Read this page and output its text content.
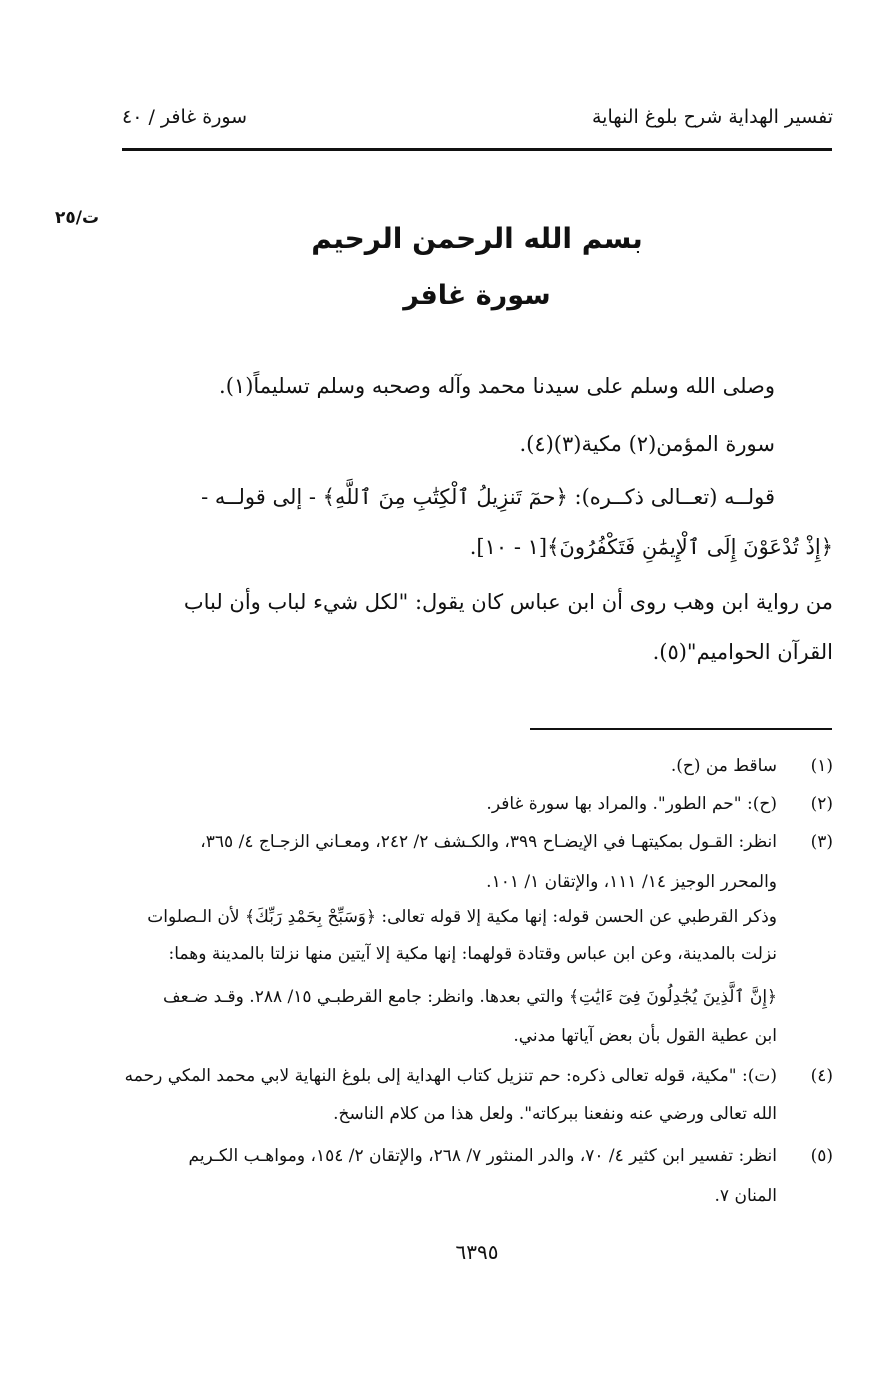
تفسير الهداية شرح بلوغ النهاية
سورة غافر / ٤٠
ت/٢٥
بسم الله الرحمن الرحيم
سورة غافر
وصلى الله وسلم على سيدنا محمد وآله وصحبه وسلم تسليماً(١).
سورة المؤمن(٢) مكية(٣)(٤).
قولــه (تعــالى ذكــره): ﴿حمٓ تَنزِيلُ ٱلْكِتَٰبِ مِنَ ٱللَّهِ﴾ - إلى قولــه -
﴿إِذْ تُدْعَوْنَ إِلَى ٱلْإِيمَٰنِ فَتَكْفُرُونَ﴾[١ - ١٠].
من رواية ابن وهب روى أن ابن عباس كان يقول: "لكل شيء لباب وأن لباب
القرآن الحواميم"(٥).
(١)
ساقط من (ح).
(٢)
(ح): "حم الطور". والمراد بها سورة غافر.
(٣)
انظر: القـول بمكيتهـا في الإيضـاح ٣٩٩، والكـشف ٢/ ٢٤٢، ومعـاني الزجـاج ٤/ ٣٦٥،
والمحرر الوجيز ١٤/ ١١١، والإتقان ١/ ١٠١.
وذكر القرطبي عن الحسن قوله: إنها مكية إلا قوله تعالى: ﴿وَسَبِّحْ بِحَمْدِ رَبِّكَ﴾ لأن الـصلوات
نزلت بالمدينة، وعن ابن عباس وقتادة قولهما: إنها مكية إلا آيتين منها نزلتا بالمدينة وهما:
﴿إِنَّ ٱلَّذِينَ يُجَٰدِلُونَ فِىٓ ءَايَٰتِ﴾ والتي بعدها. وانظر: جامع القرطبـي ١٥/ ٢٨٨. وقـد ضـعف
ابن عطية القول بأن بعض آياتها مدني.
(٤)
(ت): "مكية، قوله تعالى ذكره: حم تنزيل كتاب الهداية إلى بلوغ النهاية لابي محمد المكي رحمه
الله تعالى ورضي عنه ونفعنا ببركاته". ولعل هذا من كلام الناسخ.
(٥)
انظر: تفسير ابن كثير ٤/ ٧٠، والدر المنثور ٧/ ٢٦٨، والإتقان ٢/ ١٥٤، ومواهـب الكـريم
المنان ٧.
٦٣٩٥
